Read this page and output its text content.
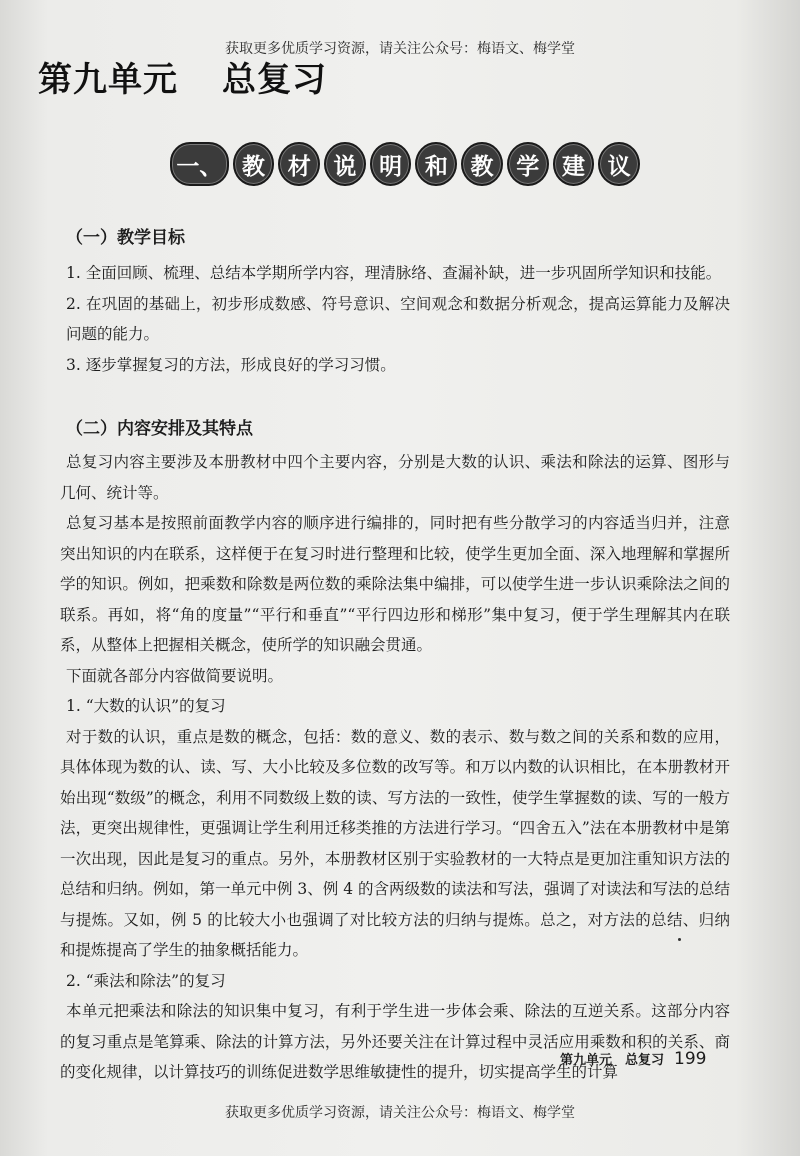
获取更多优质学习资源，请关注公众号：梅语文、梅学堂
第九单元 总复习
一、 教 材 说 明 和 教 学 建 议
（一）教学目标

1. 全面回顾、梳理、总结本学期所学内容，理清脉络、查漏补缺，进一步巩固所学知识和技能。

2. 在巩固的基础上，初步形成数感、符号意识、空间观念和数据分析观念，提高运算能力及解决问题的能力。

3. 逐步掌握复习的方法，形成良好的学习习惯。

（二）内容安排及其特点

总复习内容主要涉及本册教材中四个主要内容，分别是大数的认识、乘法和除法的运算、图形与几何、统计等。

总复习基本是按照前面教学内容的顺序进行编排的，同时把有些分散学习的内容适当归并，注意突出知识的内在联系，这样便于在复习时进行整理和比较，使学生更加全面、深入地理解和掌握所学的知识。例如，把乘数和除数是两位数的乘除法集中编排，可以使学生进一步认识乘除法之间的联系。再如，将“角的度量”“平行和垂直”“平行四边形和梯形”集中复习，便于学生理解其内在联系，从整体上把握相关概念，使所学的知识融会贯通。

下面就各部分内容做简要说明。

1. “大数的认识”的复习

对于数的认识，重点是数的概念，包括：数的意义、数的表示、数与数之间的关系和数的应用，具体体现为数的认、读、写、大小比较及多位数的改写等。和万以内数的认识相比，在本册教材开始出现“数级”的概念，利用不同数级上数的读、写方法的一致性，使学生掌握数的读、写的一般方法，更突出规律性，更强调让学生利用迁移类推的方法进行学习。“四舍五入”法在本册教材中是第一次出现，因此是复习的重点。另外，本册教材区别于实验教材的一大特点是更加注重知识方法的总结和归纳。例如，第一单元中例 3、例 4 的含两级数的读法和写法，强调了对读法和写法的总结与提炼。又如，例 5 的比较大小也强调了对比较方法的归纳与提炼。总之，对方法的总结、归纳和提炼提高了学生的抽象概括能力。

2. “乘法和除法”的复习

本单元把乘法和除法的知识集中复习，有利于学生进一步体会乘、除法的互逆关系。这部分内容的复习重点是笔算乘、除法的计算方法，另外还要关注在计算过程中灵活应用乘数和积的关系、商的变化规律，以计算技巧的训练促进数学思维敏捷性的提升，切实提高学生的计算

第九单元　总复习 199
获取更多优质学习资源，请关注公众号：梅语文、梅学堂
